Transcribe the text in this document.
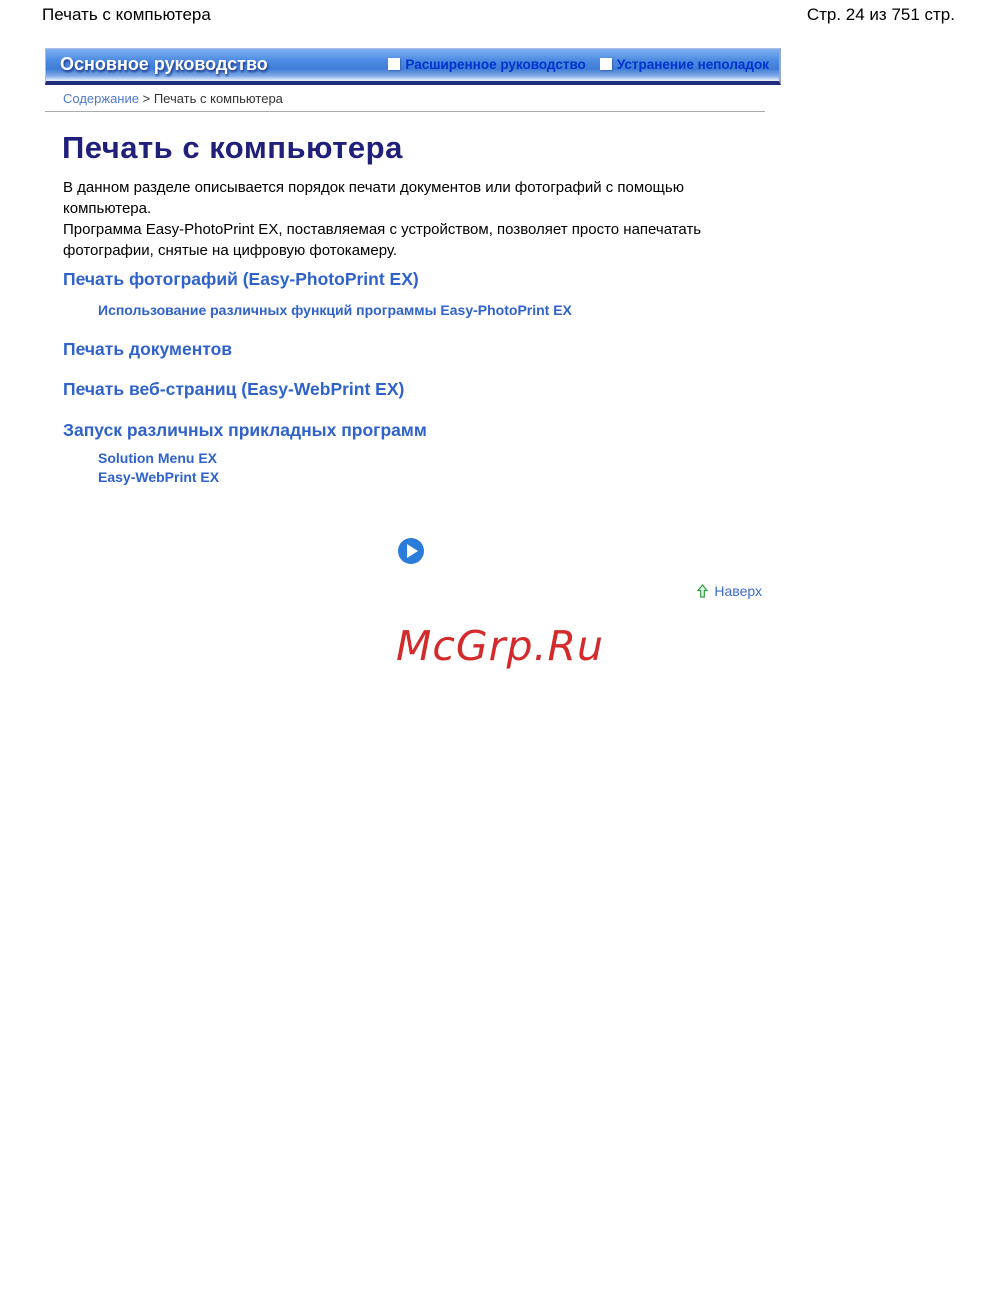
Печать с компьютера	Стр. 24 из 751 стр.
Основное руководство	Расширенное руководство Устранение неполадок
Содержание > Печать с компьютера
Печать с компьютера
В данном разделе описывается порядок печати документов или фотографий с помощью компьютера.
Программа Easy-PhotoPrint EX, поставляемая с устройством, позволяет просто напечатать фотографии, снятые на цифровую фотокамеру.
Печать фотографий (Easy-PhotoPrint EX)
Использование различных функций программы Easy-PhotoPrint EX
Печать документов
Печать веб-страниц (Easy-WebPrint EX)
Запуск различных прикладных программ
Solution Menu EX
Easy-WebPrint EX
Наверх
McGrp.Ru
